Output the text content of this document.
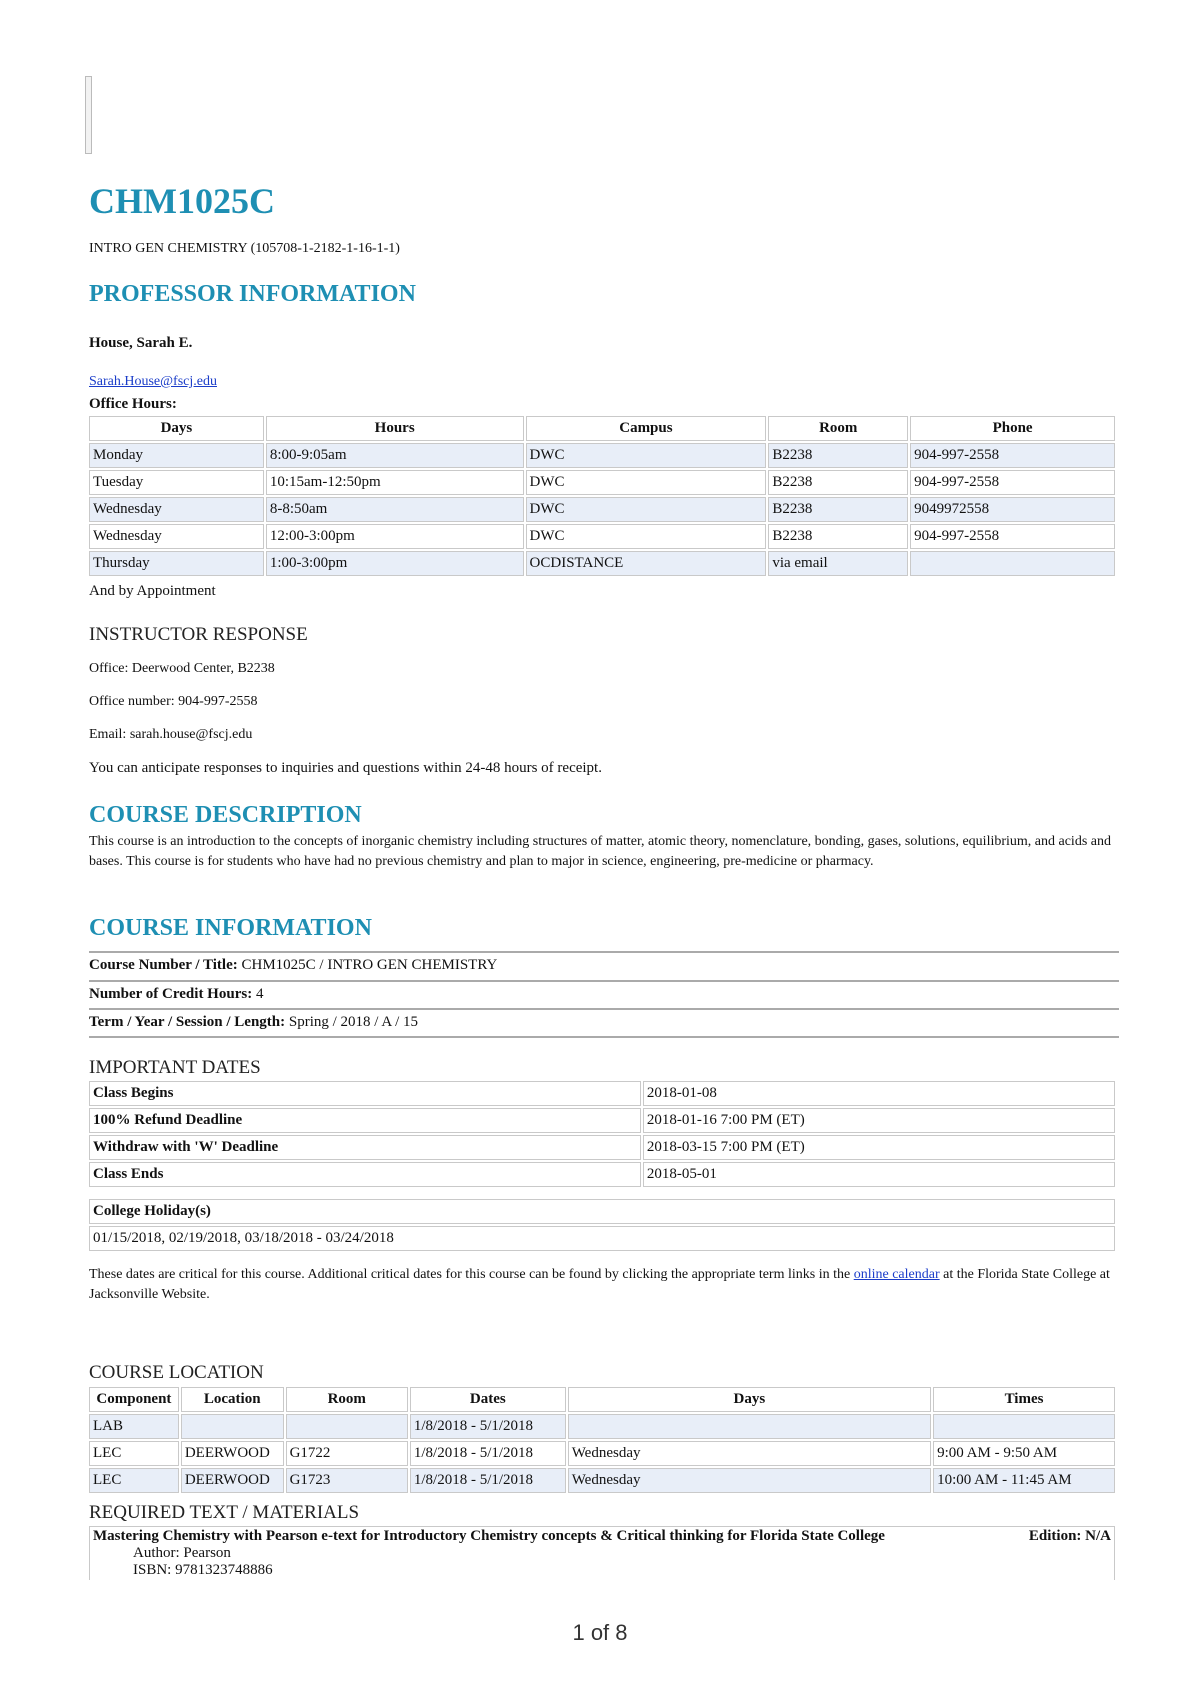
CHM1025C

INTRO GEN CHEMISTRY (105708-1-2182-1-16-1-1)

PROFESSOR INFORMATION

House, Sarah E.

Sarah.House@fscj.edu

Office Hours:

Days	Hours	Campus	Room	Phone
Monday	8:00-9:05am	DWC	B2238	904-997-2558
Tuesday	10:15am-12:50pm	DWC	B2238	904-997-2558
Wednesday	8-8:50am	DWC	B2238	9049972558
Wednesday	12:00-3:00pm	DWC	B2238	904-997-2558
Thursday	1:00-3:00pm	OCDISTANCE	via email	

And by Appointment

INSTRUCTOR RESPONSE

Office: Deerwood Center, B2238

Office number: 904-997-2558

Email: sarah.house@fscj.edu

You can anticipate responses to inquiries and questions within 24-48 hours of receipt.

COURSE DESCRIPTION

This course is an introduction to the concepts of inorganic chemistry including structures of matter, atomic theory, nomenclature, bonding, gases, solutions, equilibrium, and acids and bases. This course is for students who have had no previous chemistry and plan to major in science, engineering, pre-medicine or pharmacy.

COURSE INFORMATION
Course Number / Title: CHM1025C / INTRO GEN CHEMISTRY
Number of Credit Hours: 4
Term / Year / Session / Length: Spring / 2018 / A / 15
IMPORTANT DATES
Class Begins	2018-01-08
100% Refund Deadline	2018-01-16 7:00 PM (ET)
Withdraw with 'W' Deadline	2018-03-15 7:00 PM (ET)
Class Ends	2018-05-01
College Holiday(s)
01/15/2018, 02/19/2018, 03/18/2018 - 03/24/2018

These dates are critical for this course. Additional critical dates for this course can be found by clicking the appropriate term links in the online calendar at the Florida State College at Jacksonville Website.

COURSE LOCATION
Component	Location	Room	Dates	Days	Times
LAB			1/8/2018 - 5/1/2018		
LEC	DEERWOOD	G1722	1/8/2018 - 5/1/2018	Wednesday	9:00 AM - 9:50 AM
LEC	DEERWOOD	G1723	1/8/2018 - 5/1/2018	Wednesday	10:00 AM - 11:45 AM
REQUIRED TEXT / MATERIALS
Mastering Chemistry with Pearson e-text for Introductory Chemistry concepts & Critical thinking for Florida State College	Edition: N/A
Author: Pearson
ISBN: 9781323748886
1 of 8
